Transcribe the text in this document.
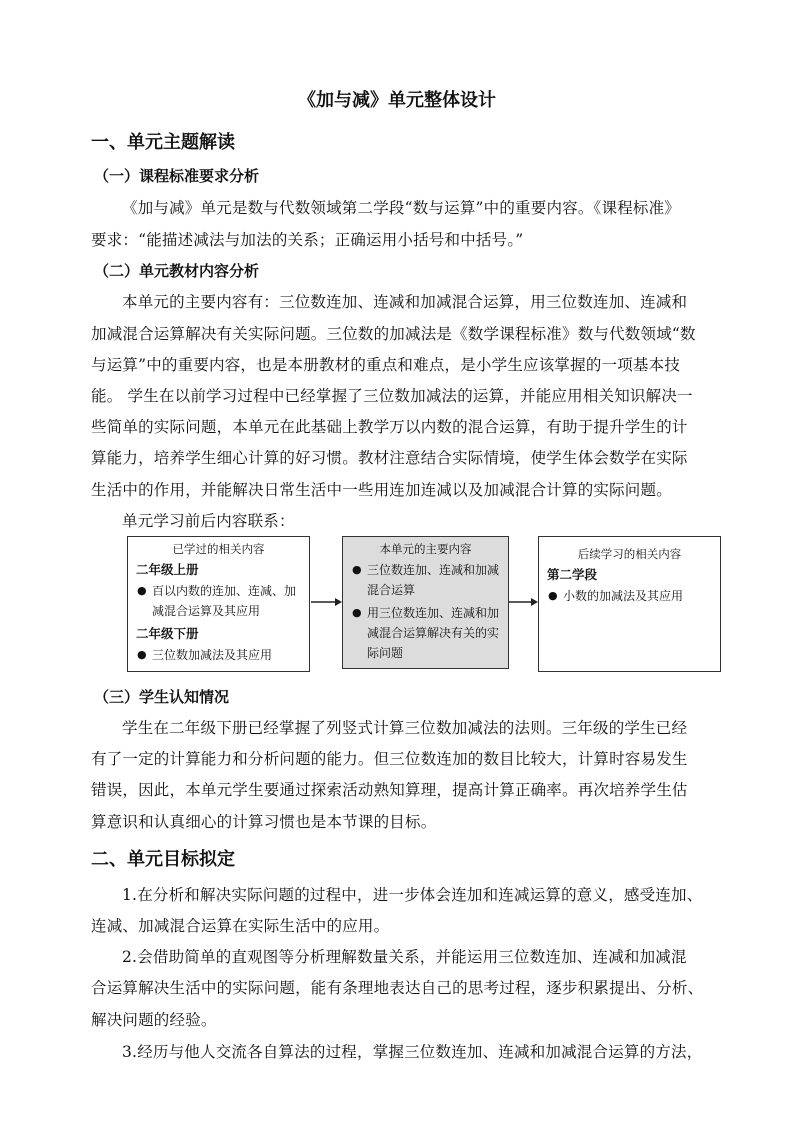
《加与减》单元整体设计
一、单元主题解读
（一）课程标准要求分析
《加与减》单元是数与代数领域第二学段“数与运算”中的重要内容。《课程标准》
要求：“能描述减法与加法的关系；正确运用小括号和中括号。”
（二）单元教材内容分析
本单元的主要内容有：三位数连加、连减和加减混合运算，用三位数连加、连减和
加减混合运算解决有关实际问题。三位数的加减法是《数学课程标准》数与代数领域“数
与运算”中的重要内容，也是本册教材的重点和难点，是小学生应该掌握的一项基本技
能。 学生在以前学习过程中已经掌握了三位数加减法的运算，并能应用相关知识解决一
些简单的实际问题，本单元在此基础上教学万以内数的混合运算，有助于提升学生的计
算能力，培养学生细心计算的好习惯。教材注意结合实际情境，使学生体会数学在实际
生活中的作用，并能解决日常生活中一些用连加连减以及加减混合计算的实际问题。
单元学习前后内容联系：
已学过的相关内容
二年级上册
● 百以内数的连加、连减、加减混合运算及其应用
二年级下册
● 三位数加减法及其应用
本单元的主要内容
● 三位数连加、连减和加减混合运算
● 用三位数连加、连减和加减混合运算解决有关的实际问题
后续学习的相关内容
第二学段
● 小数的加减法及其应用
（三）学生认知情况
学生在二年级下册已经掌握了列竖式计算三位数加减法的法则。三年级的学生已经
有了一定的计算能力和分析问题的能力。但三位数连加的数目比较大，计算时容易发生
错误，因此，本单元学生要通过探索活动熟知算理，提高计算正确率。再次培养学生估
算意识和认真细心的计算习惯也是本节课的目标。
二、单元目标拟定
1.在分析和解决实际问题的过程中，进一步体会连加和连减运算的意义，感受连加、
连减、加减混合运算在实际生活中的应用。
2.会借助简单的直观图等分析理解数量关系，并能运用三位数连加、连减和加减混
合运算解决生活中的实际问题，能有条理地表达自己的思考过程，逐步积累提出、分析、
解决问题的经验。
3.经历与他人交流各自算法的过程，掌握三位数连加、连减和加减混合运算的方法，
